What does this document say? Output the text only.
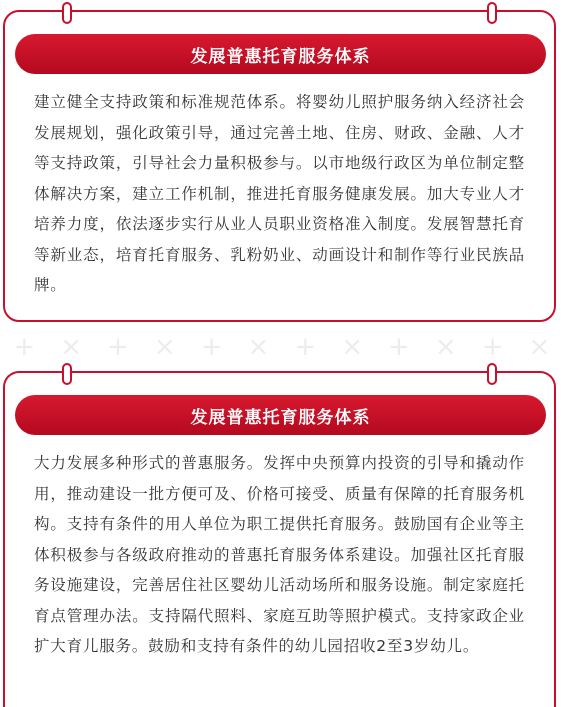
发展普惠托育服务体系

建立健全支持政策和标准规范体系。将婴幼儿照护服务纳入经济社会发展规划，强化政策引导，通过完善土地、住房、财政、金融、人才等支持政策，引导社会力量积极参与。以市地级行政区为单位制定整体解决方案，建立工作机制，推进托育服务健康发展。加大专业人才培养力度，依法逐步实行从业人员职业资格准入制度。发展智慧托育等新业态，培育托育服务、乳粉奶业、动画设计和制作等行业民族品牌。

+ × + × + × + × + × + ×
发展普惠托育服务体系

大力发展多种形式的普惠服务。发挥中央预算内投资的引导和撬动作用，推动建设一批方便可及、价格可接受、质量有保障的托育服务机构。支持有条件的用人单位为职工提供托育服务。鼓励国有企业等主体积极参与各级政府推动的普惠托育服务体系建设。加强社区托育服务设施建设，完善居住社区婴幼儿活动场所和服务设施。制定家庭托育点管理办法。支持隔代照料、家庭互助等照护模式。支持家政企业扩大育儿服务。鼓励和支持有条件的幼儿园招收2至3岁幼儿。
